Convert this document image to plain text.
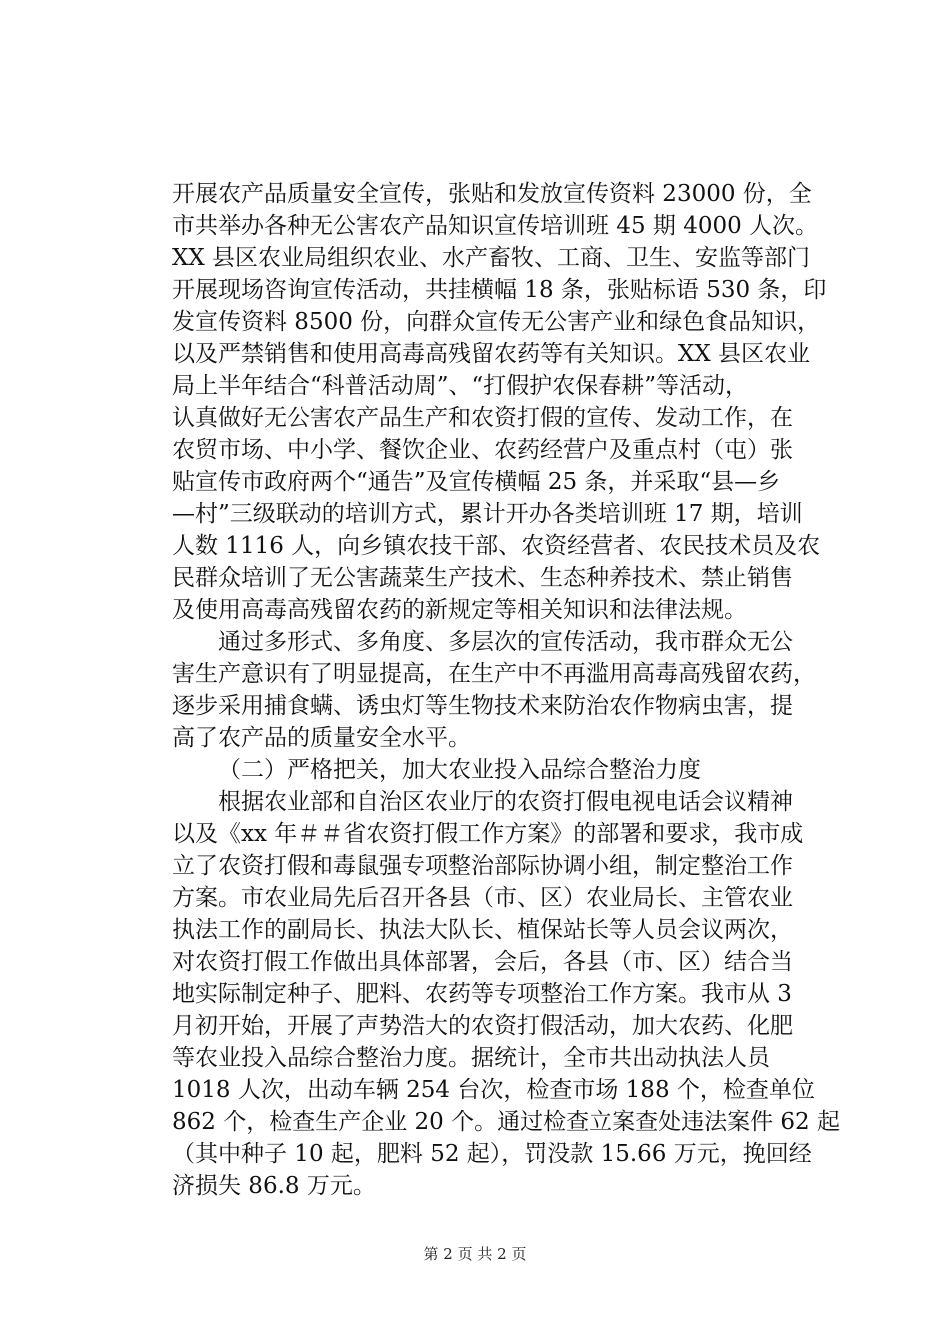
开展农产品质量安全宣传，张贴和发放宣传资料 23000 份，全
市共举办各种无公害农产品知识宣传培训班 45 期 4000 人次。
XX 县区农业局组织农业、水产畜牧、工商、卫生、安监等部门
开展现场咨询宣传活动，共挂横幅 18 条，张贴标语 530 条，印
发宣传资料 8500 份，向群众宣传无公害产业和绿色食品知识，
以及严禁销售和使用高毒高残留农药等有关知识。XX 县区农业
局上半年结合“科普活动周”、“打假护农保春耕”等活动，
认真做好无公害农产品生产和农资打假的宣传、发动工作，在
农贸市场、中小学、餐饮企业、农药经营户及重点村（屯）张
贴宣传市政府两个“通告”及宣传横幅 25 条，并采取“县—乡
—村”三级联动的培训方式，累计开办各类培训班 17 期，培训
人数 1116 人，向乡镇农技干部、农资经营者、农民技术员及农
民群众培训了无公害蔬菜生产技术、生态种养技术、禁止销售
及使用高毒高残留农药的新规定等相关知识和法律法规。
通过多形式、多角度、多层次的宣传活动，我市群众无公
害生产意识有了明显提高，在生产中不再滥用高毒高残留农药，
逐步采用捕食螨、诱虫灯等生物技术来防治农作物病虫害，提
高了农产品的质量安全水平。
（二）严格把关，加大农业投入品综合整治力度
根据农业部和自治区农业厅的农资打假电视电话会议精神
以及《xx 年＃＃省农资打假工作方案》的部署和要求，我市成
立了农资打假和毒鼠强专项整治部际协调小组，制定整治工作
方案。市农业局先后召开各县（市、区）农业局长、主管农业
执法工作的副局长、执法大队长、植保站长等人员会议两次，
对农资打假工作做出具体部署，会后，各县（市、区）结合当
地实际制定种子、肥料、农药等专项整治工作方案。我市从 3
月初开始，开展了声势浩大的农资打假活动，加大农药、化肥
等农业投入品综合整治力度。据统计，全市共出动执法人员
1018 人次，出动车辆 254 台次，检查市场 188 个，检查单位
862 个，检查生产企业 20 个。通过检查立案查处违法案件 62 起
（其中种子 10 起，肥料 52 起），罚没款 15.66 万元，挽回经
济损失 86.8 万元。
第 2 页 共 2 页
